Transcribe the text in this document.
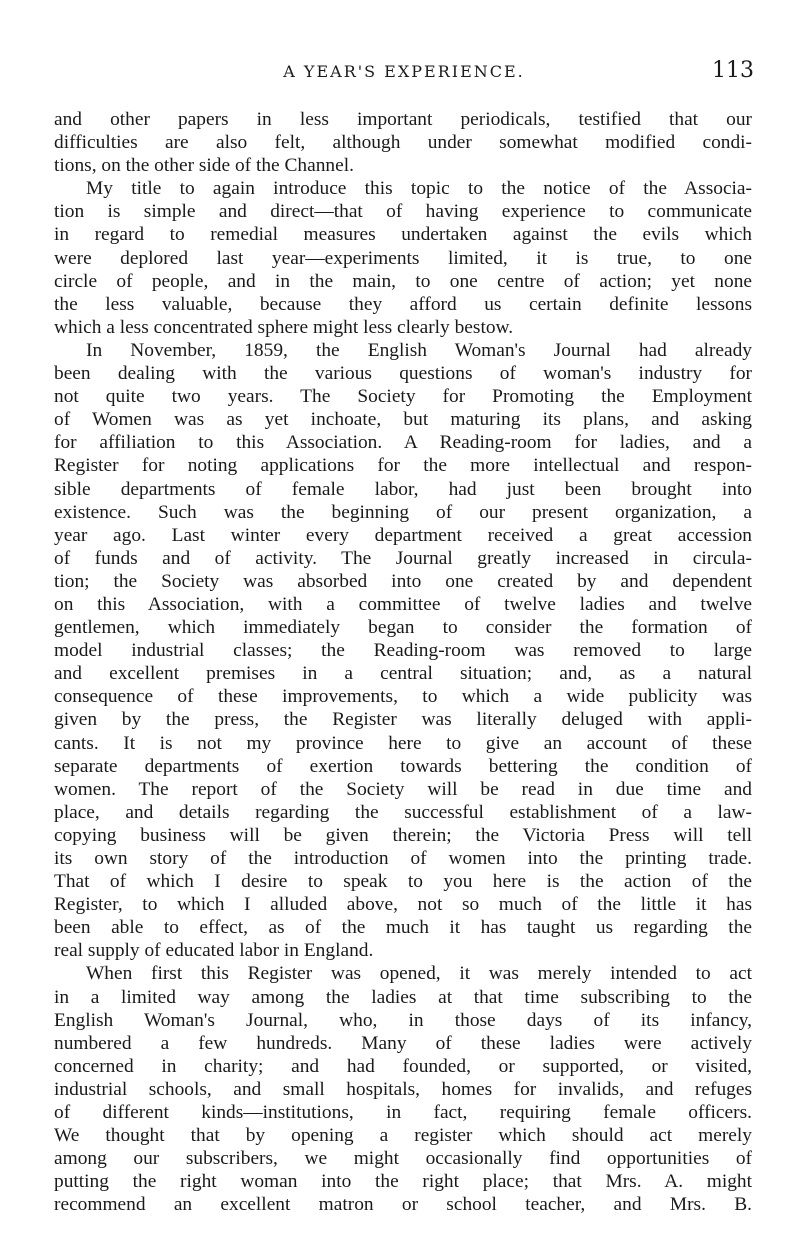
A YEAR'S EXPERIENCE.	113
and other papers in less important periodicals, testified that our
difficulties are also felt, although under somewhat modified condi-
tions, on the other side of the Channel.
My title to again introduce this topic to the notice of the Associa-
tion is simple and direct—that of having experience to communicate
in regard to remedial measures undertaken against the evils which
were deplored last year—experiments limited, it is true, to one
circle of people, and in the main, to one centre of action; yet none
the less valuable, because they afford us certain definite lessons
which a less concentrated sphere might less clearly bestow.
In November, 1859, the English Woman's Journal had already
been dealing with the various questions of woman's industry for
not quite two years. The Society for Promoting the Employment
of Women was as yet inchoate, but maturing its plans, and asking
for affiliation to this Association. A Reading-room for ladies, and a
Register for noting applications for the more intellectual and respon-
sible departments of female labor, had just been brought into
existence. Such was the beginning of our present organization, a
year ago. Last winter every department received a great accession
of funds and of activity. The Journal greatly increased in circula-
tion; the Society was absorbed into one created by and dependent
on this Association, with a committee of twelve ladies and twelve
gentlemen, which immediately began to consider the formation of
model industrial classes; the Reading-room was removed to large
and excellent premises in a central situation; and, as a natural
consequence of these improvements, to which a wide publicity was
given by the press, the Register was literally deluged with appli-
cants. It is not my province here to give an account of these
separate departments of exertion towards bettering the condition of
women. The report of the Society will be read in due time and
place, and details regarding the successful establishment of a law-
copying business will be given therein; the Victoria Press will tell
its own story of the introduction of women into the printing trade.
That of which I desire to speak to you here is the action of the
Register, to which I alluded above, not so much of the little it has
been able to effect, as of the much it has taught us regarding the
real supply of educated labor in England.
When first this Register was opened, it was merely intended to act
in a limited way among the ladies at that time subscribing to the
English Woman's Journal, who, in those days of its infancy,
numbered a few hundreds. Many of these ladies were actively
concerned in charity; and had founded, or supported, or visited,
industrial schools, and small hospitals, homes for invalids, and refuges
of different kinds—institutions, in fact, requiring female officers.
We thought that by opening a register which should act merely
among our subscribers, we might occasionally find opportunities of
putting the right woman into the right place; that Mrs. A. might
recommend an excellent matron or school teacher, and Mrs. B.
